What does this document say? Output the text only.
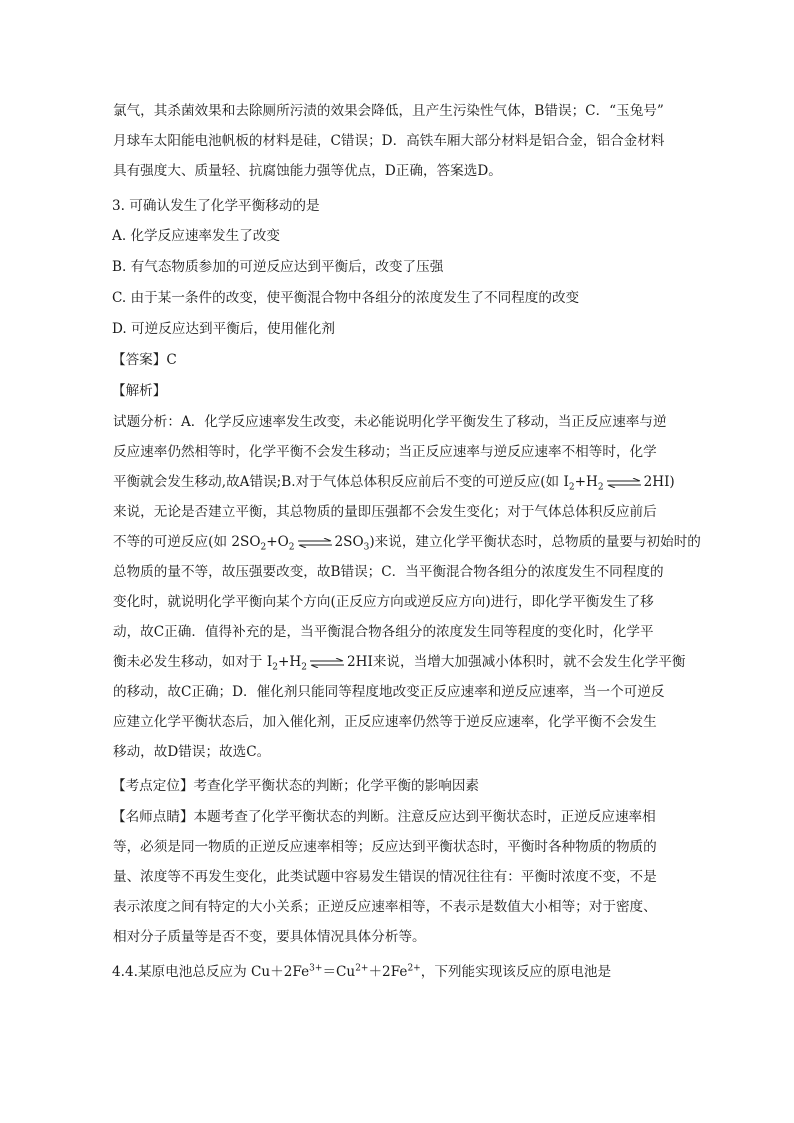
氯气，其杀菌效果和去除厕所污渍的效果会降低，且产生污染性气体，B错误；C．“玉兔号”
月球车太阳能电池帆板的材料是硅，C错误；D．高铁车厢大部分材料是铝合金，铝合金材料
具有强度大、质量轻、抗腐蚀能力强等优点，D正确，答案选D。
3. 可确认发生了化学平衡移动的是
A. 化学反应速率发生了改变
B. 有气态物质参加的可逆反应达到平衡后，改变了压强
C. 由于某一条件的改变，使平衡混合物中各组分的浓度发生了不同程度的改变
D. 可逆反应达到平衡后，使用催化剂
【答案】C
【解析】
试题分析：A．化学反应速率发生改变，未必能说明化学平衡发生了移动，当正反应速率与逆
反应速率仍然相等时，化学平衡不会发生移动；当正反应速率与逆反应速率不相等时，化学
平衡就会发生移动,故A错误;B.对于气体总体积反应前后不变的可逆反应(如 $I_2+H_2$ ⇌2HI)
来说，无论是否建立平衡，其总物质的量即压强都不会发生变化；对于气体总体积反应前后
不等的可逆反应(如 $2SO_2+O_2$ $\rightleftharpoons 2SO_3$)来说，建立化学平衡状态时，总物质的量要与初始时的
总物质的量不等，故压强要改变，故B错误；C．当平衡混合物各组分的浓度发生不同程度的
变化时，就说明化学平衡向某个方向(正反应方向或逆反应方向)进行，即化学平衡发生了移
动，故C正确．值得补充的是，当平衡混合物各组分的浓度发生同等程度的变化时，化学平
衡未必发生移动，如对于 $I_2+H_2$ ⇌2HI来说，当增大加强减小体积时，就不会发生化学平衡
的移动，故C正确；D．催化剂只能同等程度地改变正反应速率和逆反应速率，当一个可逆反
应建立化学平衡状态后，加入催化剂，正反应速率仍然等于逆反应速率，化学平衡不会发生
移动，故D错误；故选C。
【考点定位】考查化学平衡状态的判断；化学平衡的影响因素
【名师点睛】本题考查了化学平衡状态的判断。注意反应达到平衡状态时，正逆反应速率相
等，必须是同一物质的正逆反应速率相等；反应达到平衡状态时，平衡时各种物质的物质的
量、浓度等不再发生变化，此类试题中容易发生错误的情况往往有：平衡时浓度不变，不是
表示浓度之间有特定的大小关系；正逆反应速率相等，不表示是数值大小相等；对于密度、
相对分子质量等是否不变，要具体情况具体分析等。
4.4.某原电池总反应为 $Cu+2Fe^{3+}=Cu^{2+}+2Fe^{2+}$，下列能实现该反应的原电池是
